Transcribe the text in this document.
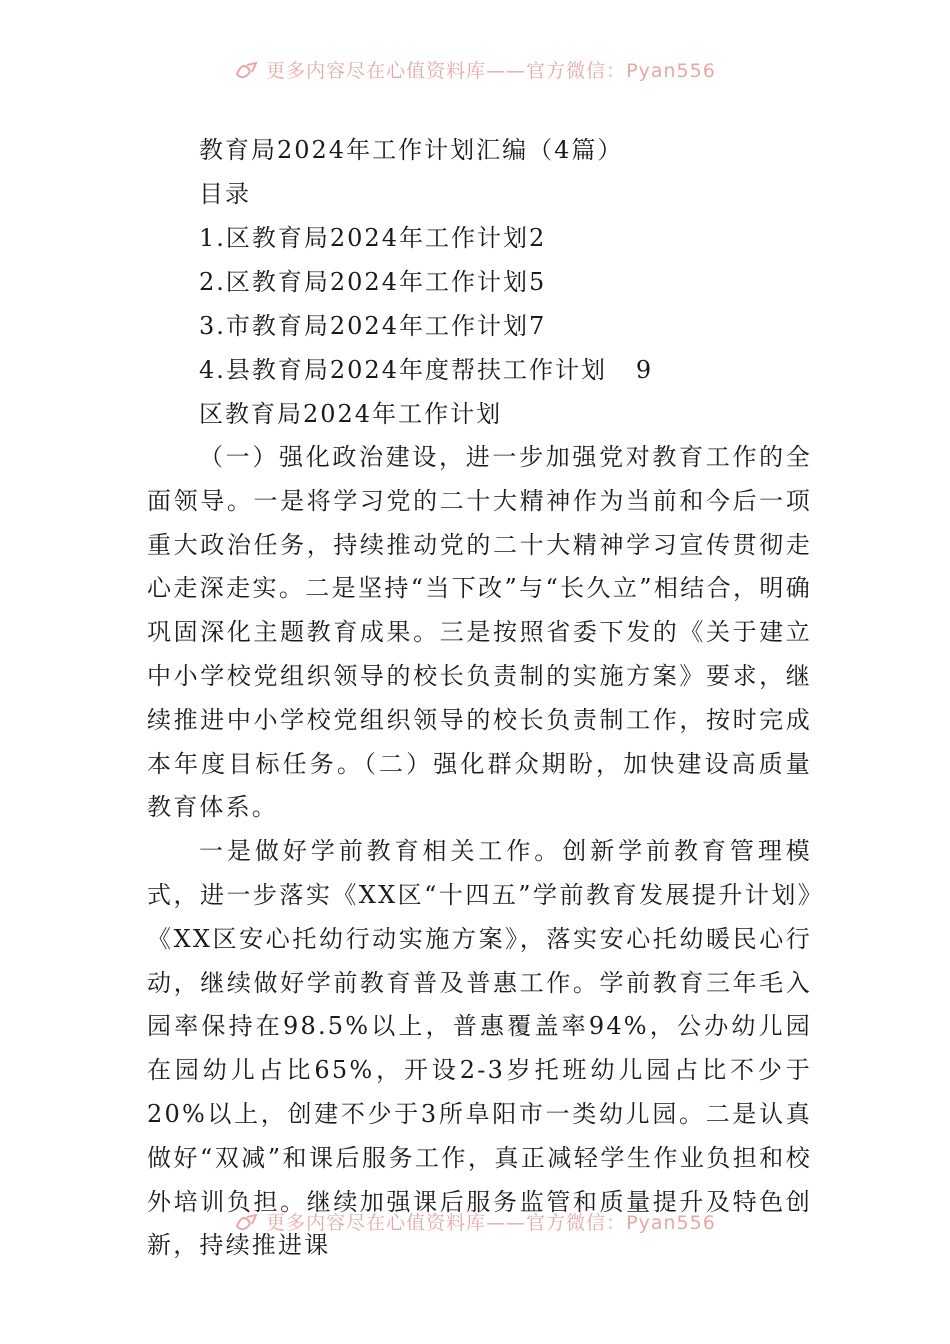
更多内容尽在心值资料库——官方微信：Pyan556
教育局2024年工作计划汇编（4篇）
目录
1.区教育局2024年工作计划2
2.区教育局2024年工作计划5
3.市教育局2024年工作计划7
4.县教育局2024年度帮扶工作计划   9
区教育局2024年工作计划

（一）强化政治建设，进一步加强党对教育工作的全面领导。一是将学习党的二十大精神作为当前和今后一项重大政治任务，持续推动党的二十大精神学习宣传贯彻走心走深走实。二是坚持“当下改”与“长久立”相结合，明确巩固深化主题教育成果。三是按照省委下发的《关于建立中小学校党组织领导的校长负责制的实施方案》要求，继续推进中小学校党组织领导的校长负责制工作，按时完成本年度目标任务。（二）强化群众期盼，加快建设高质量教育体系。

一是做好学前教育相关工作。创新学前教育管理模式，进一步落实《XX区“十四五”学前教育发展提升计划》《XX区安心托幼行动实施方案》，落实安心托幼暖民心行动，继续做好学前教育普及普惠工作。学前教育三年毛入园率保持在98.5%以上，普惠覆盖率94%，公办幼儿园在园幼儿占比65%，开设2-3岁托班幼儿园占比不少于20%以上，创建不少于3所阜阳市一类幼儿园。二是认真做好“双减”和课后服务工作，真正减轻学生作业负担和校外培训负担。继续加强课后服务监管和质量提升及特色创新，持续推进课

更多内容尽在心值资料库——官方微信：Pyan556
